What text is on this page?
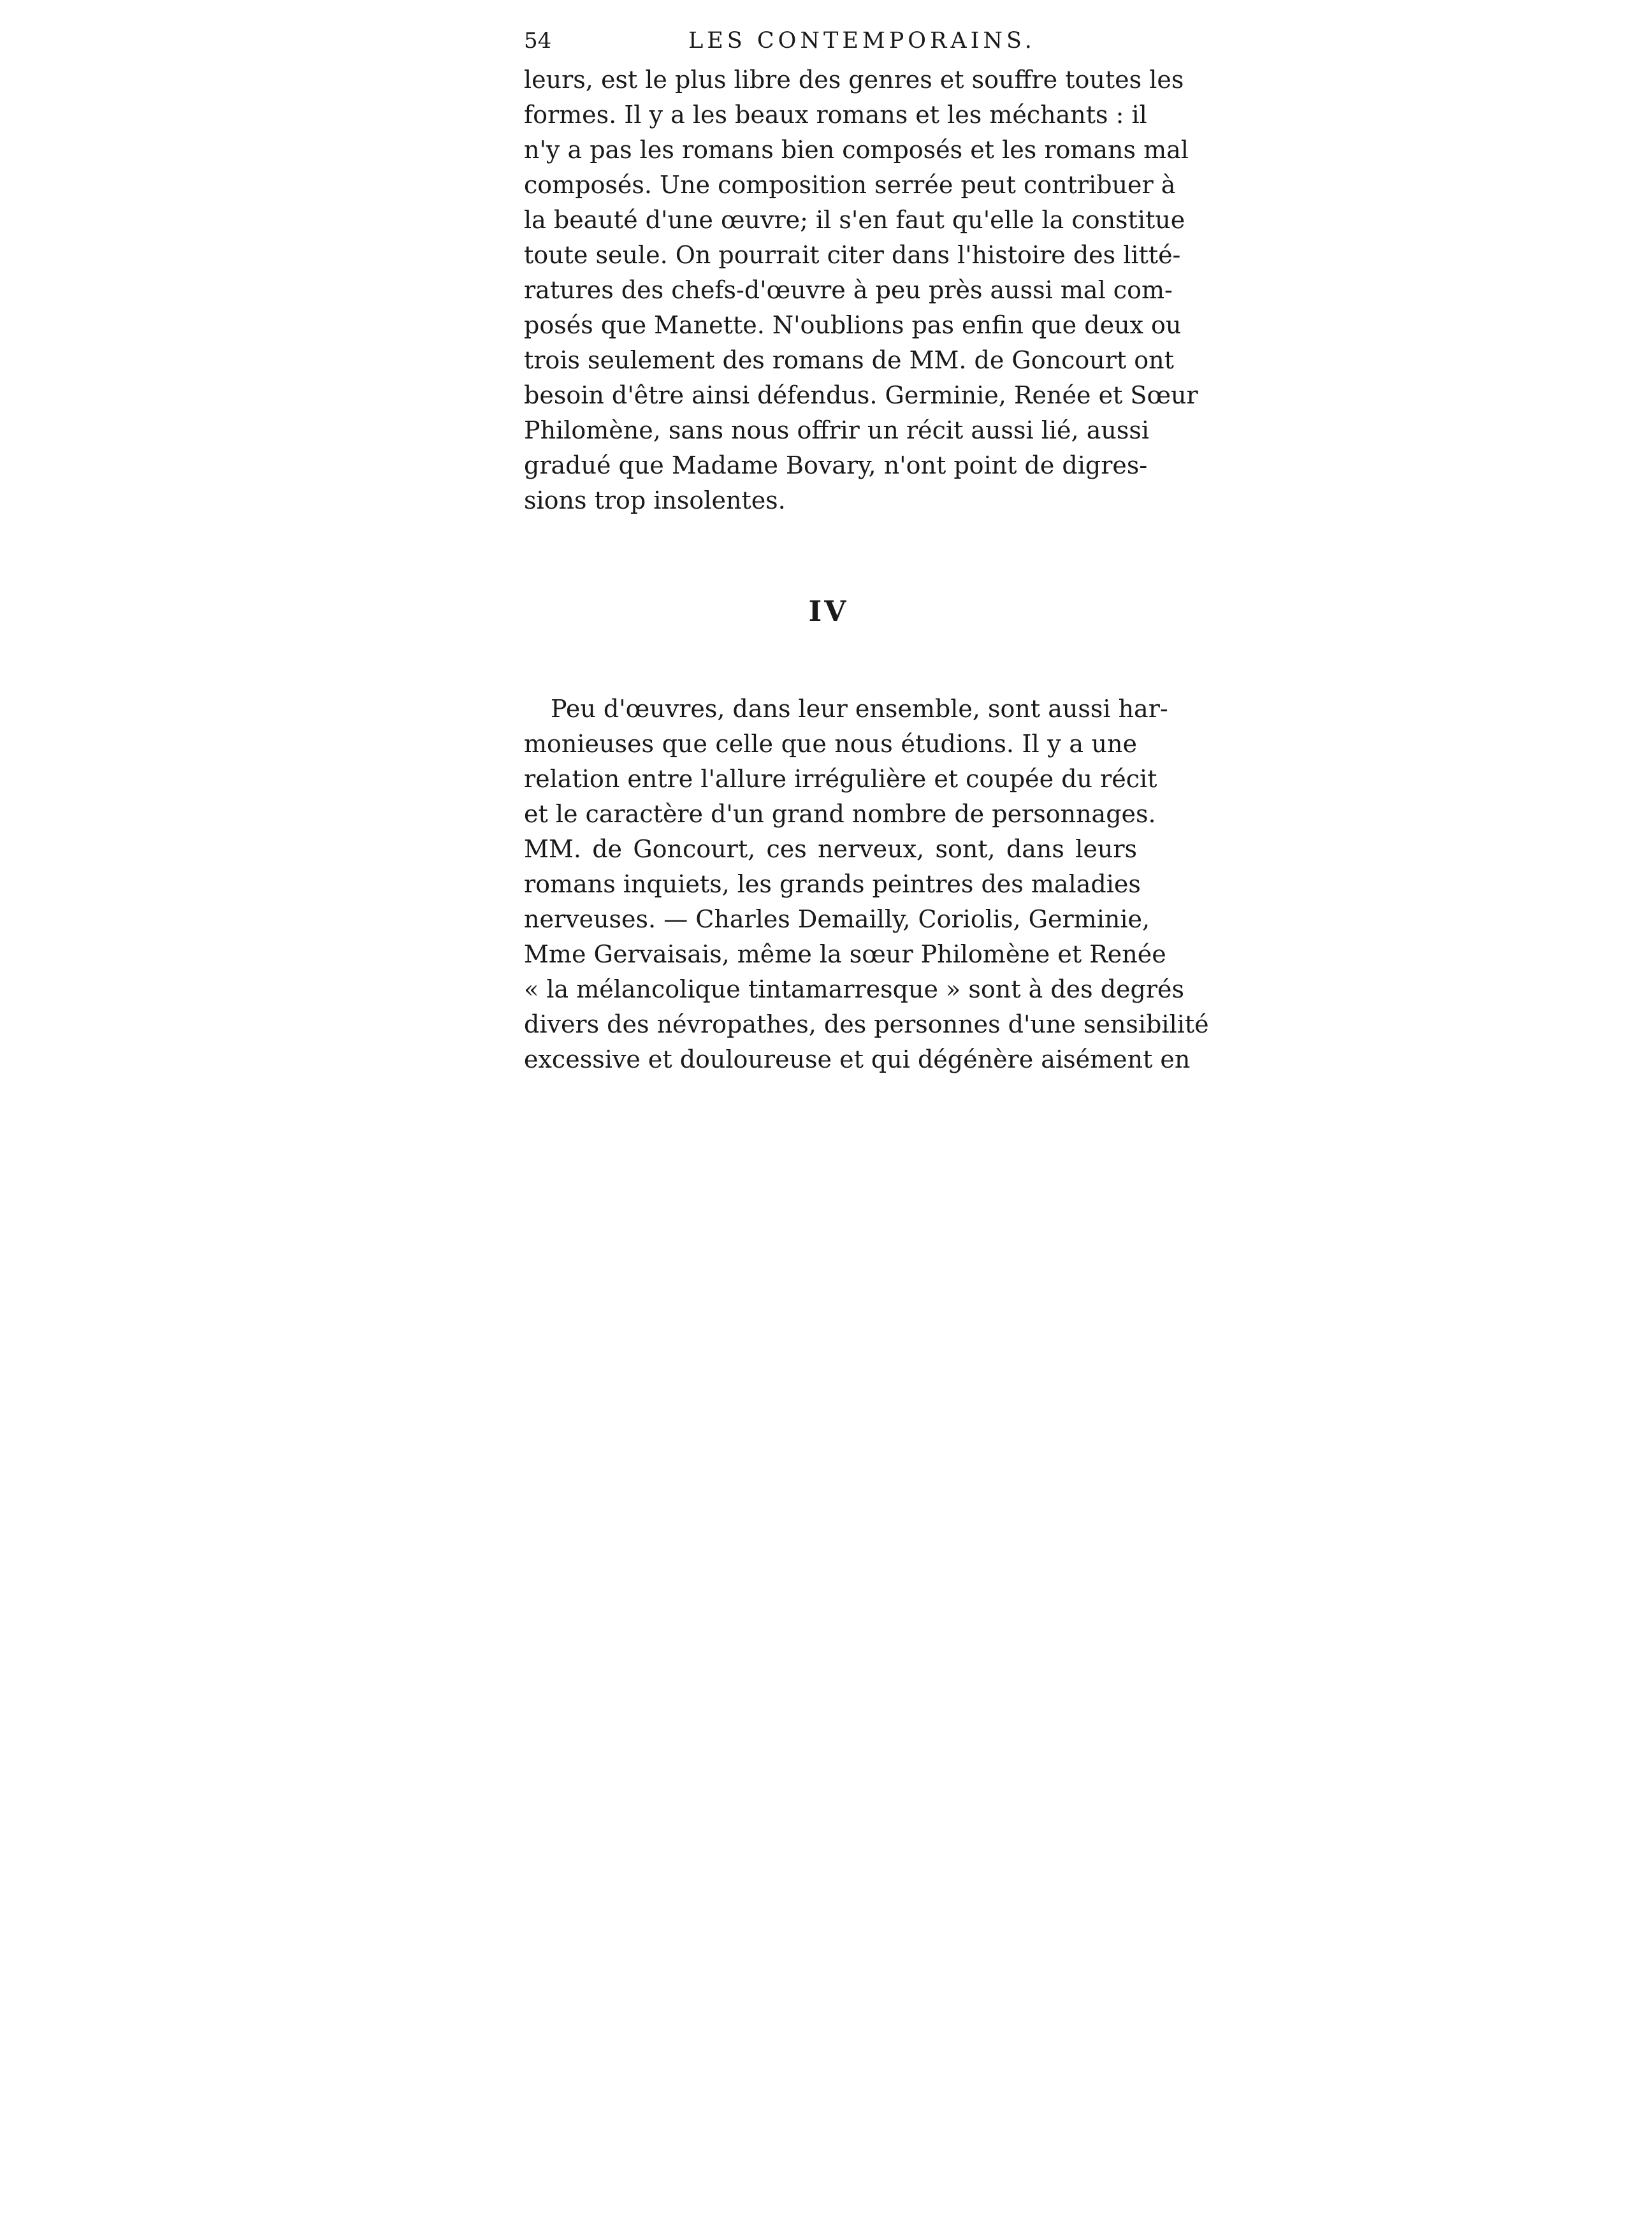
54	LES CONTEMPORAINS.
leurs, est le plus libre des genres et souffre toutes les
formes. Il y a les beaux romans et les méchants : il
n'y a pas les romans bien composés et les romans mal
composés. Une composition serrée peut contribuer à
la beauté d'une œuvre; il s'en faut qu'elle la constitue
toute seule. On pourrait citer dans l'histoire des litté-
ratures des chefs-d'œuvre à peu près aussi mal com-
posés que Manette. N'oublions pas enfin que deux ou
trois seulement des romans de MM. de Goncourt ont
besoin d'être ainsi défendus. Germinie, Renée et Sœur
Philomène, sans nous offrir un récit aussi lié, aussi
gradué que Madame Bovary, n'ont point de digres-
sions trop insolentes.
IV
Peu d'œuvres, dans leur ensemble, sont aussi har-
monieuses que celle que nous étudions. Il y a une
relation entre l'allure irrégulière et coupée du récit
et le caractère d'un grand nombre de personnages.
MM. de Goncourt, ces nerveux, sont, dans leurs
romans inquiets, les grands peintres des maladies
nerveuses. — Charles Demailly, Coriolis, Germinie,
Mme Gervaisais, même la sœur Philomène et Renée
« la mélancolique tintamarresque » sont à des degrés
divers des névropathes, des personnes d'une sensibilité
excessive et douloureuse et qui dégénère aisément en
